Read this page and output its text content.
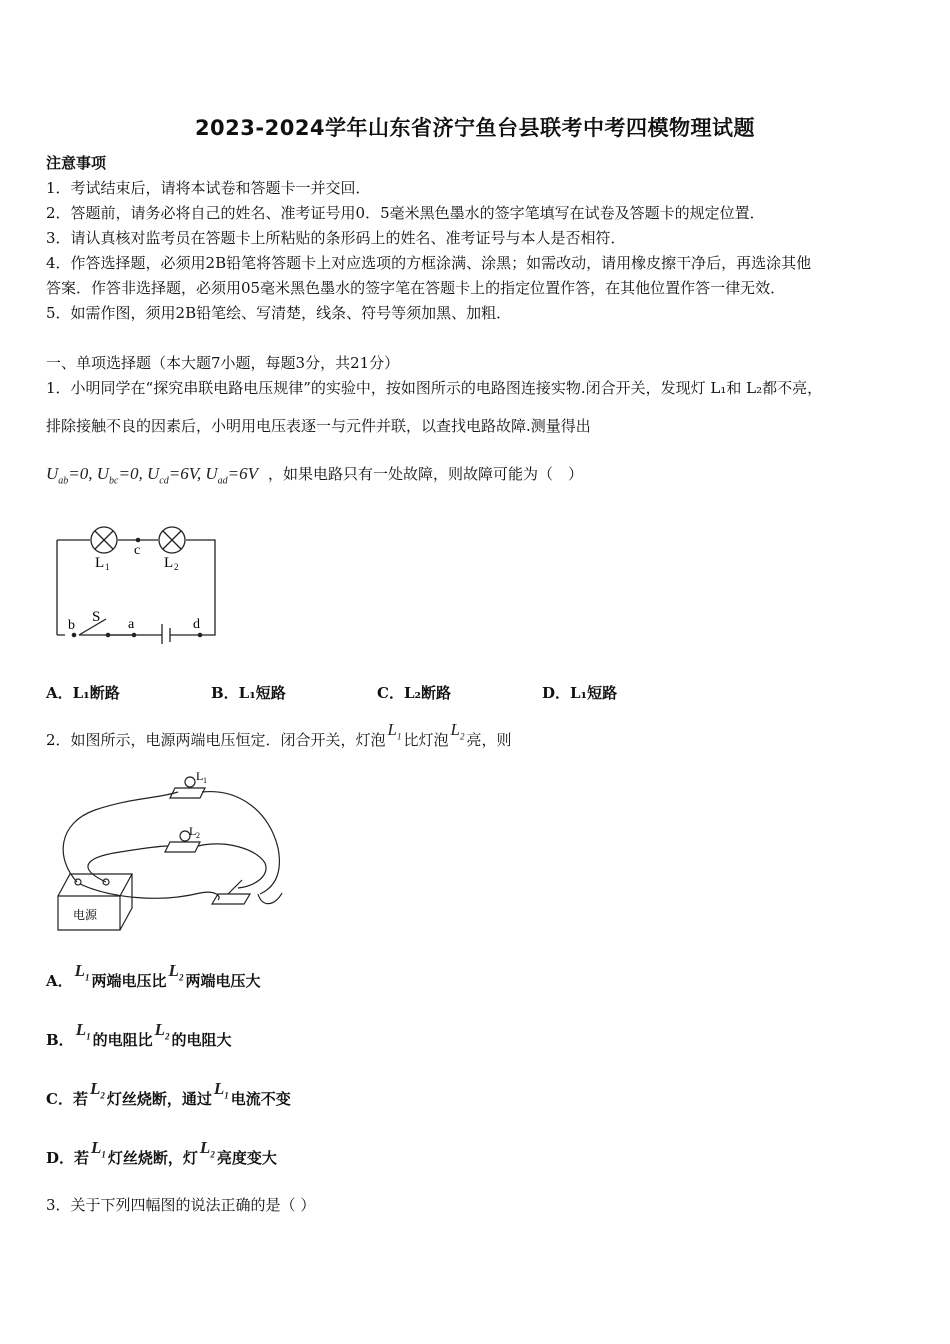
2023-2024学年山东省济宁鱼台县联考中考四模物理试题
注意事项
1．考试结束后，请将本试卷和答题卡一并交回．
2．答题前，请务必将自己的姓名、准考证号用0．5毫米黑色墨水的签字笔填写在试卷及答题卡的规定位置．
3．请认真核对监考员在答题卡上所粘贴的条形码上的姓名、准考证号与本人是否相符．
4．作答选择题，必须用2B铅笔将答题卡上对应选项的方框涂满、涂黑；如需改动，请用橡皮擦干净后，再选涂其他
答案．作答非选择题，必须用05毫米黑色墨水的签字笔在答题卡上的指定位置作答，在其他位置作答一律无效．
5．如需作图，须用2B铅笔绘、写清楚，线条、符号等须加黑、加粗．
一、单项选择题（本大题7小题，每题3分，共21分）
1．小明同学在“探究串联电路电压规律”的实验中，按如图所示的电路图连接实物.闭合开关，发现灯 L₁和 L₂都不亮，
排除接触不良的因素后，小明用电压表逐一与元件并联，以查找电路故障.测量得出
$U_{ab}=0$, $U_{bc}=0$, $U_{cd}=6V$, $U_{ad}=6V$ ，如果电路只有一处故障，则故障可能为（　）
c
L 1	L 2
S
b	a	d
A．L₁断路	B．L₁短路	C．L₂断路	D．L₁短路
2．如图所示，电源两端电压恒定．闭合开关，灯泡$L_1$ 比灯泡$L_2$ 亮，则
L 1
L 2
电源
A．$L_1$ 两端电压比$L_2$ 两端电压大
B．$L_1$ 的电阻比$L_2$ 的电阻大
C．若$L_2$ 灯丝烧断，通过$L_1$ 电流不变
D．若$L_1$ 灯丝烧断，灯$L_2$ 亮度变大
3．关于下列四幅图的说法正确的是（ ）
